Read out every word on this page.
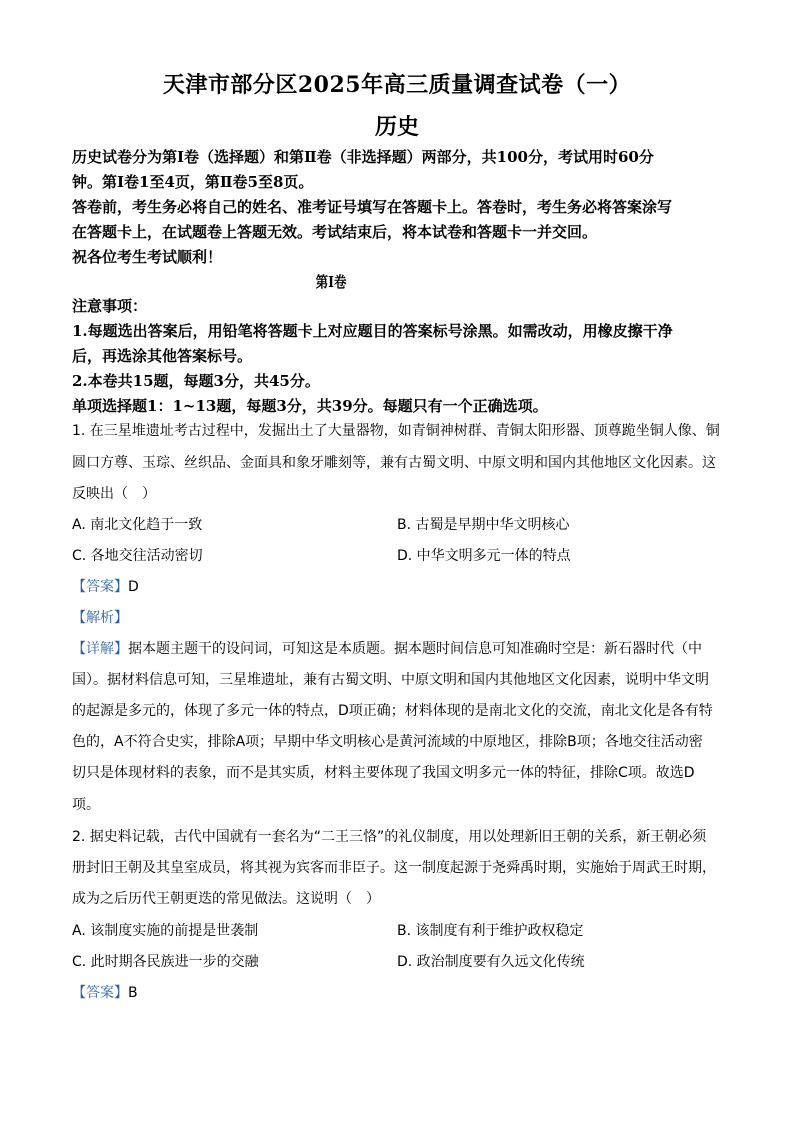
天津市部分区2025年高三质量调查试卷（一）
历史
历史试卷分为第Ⅰ卷（选择题）和第Ⅱ卷（非选择题）两部分，共100分，考试用时60分
钟。第Ⅰ卷1至4页，第Ⅱ卷5至8页。
答卷前，考生务必将自己的姓名、准考证号填写在答题卡上。答卷时，考生务必将答案涂写
在答题卡上，在试题卷上答题无效。考试结束后，将本试卷和答题卡一并交回。
祝各位考生考试顺利！
第Ⅰ卷
注意事项：
1.每题选出答案后，用铅笔将答题卡上对应题目的答案标号涂黑。如需改动，用橡皮擦干净
后，再选涂其他答案标号。
2.本卷共15题，每题3分，共45分。
单项选择题1：1~13题，每题3分，共39分。每题只有一个正确选项。
1. 在三星堆遗址考古过程中，发掘出土了大量器物，如青铜神树群、青铜太阳形器、顶尊跪坐铜人像、铜
圆口方尊、玉琮、丝织品、金面具和象牙雕刻等，兼有古蜀文明、中原文明和国内其他地区文化因素。这
反映出（　）
A. 南北文化趋于一致	B. 古蜀是早期中华文明核心
C. 各地交往活动密切	D. 中华文明多元一体的特点
【答案】D
【解析】
【详解】据本题主题干的设问词，可知这是本质题。据本题时间信息可知准确时空是：新石器时代（中
国）。据材料信息可知，三星堆遗址，兼有古蜀文明、中原文明和国内其他地区文化因素，说明中华文明
的起源是多元的，体现了多元一体的特点，D项正确；材料体现的是南北文化的交流，南北文化是各有特
色的，A不符合史实，排除A项；早期中华文明核心是黄河流域的中原地区，排除B项；各地交往活动密
切只是体现材料的表象，而不是其实质，材料主要体现了我国文明多元一体的特征，排除C项。故选D
项。
2. 据史料记载，古代中国就有一套名为“二王三恪”的礼仪制度，用以处理新旧王朝的关系，新王朝必须
册封旧王朝及其皇室成员，将其视为宾客而非臣子。这一制度起源于尧舜禹时期，实施始于周武王时期，
成为之后历代王朝更迭的常见做法。这说明（　）
A. 该制度实施的前提是世袭制	B. 该制度有利于维护政权稳定
C. 此时期各民族进一步的交融	D. 政治制度要有久远文化传统
【答案】B
